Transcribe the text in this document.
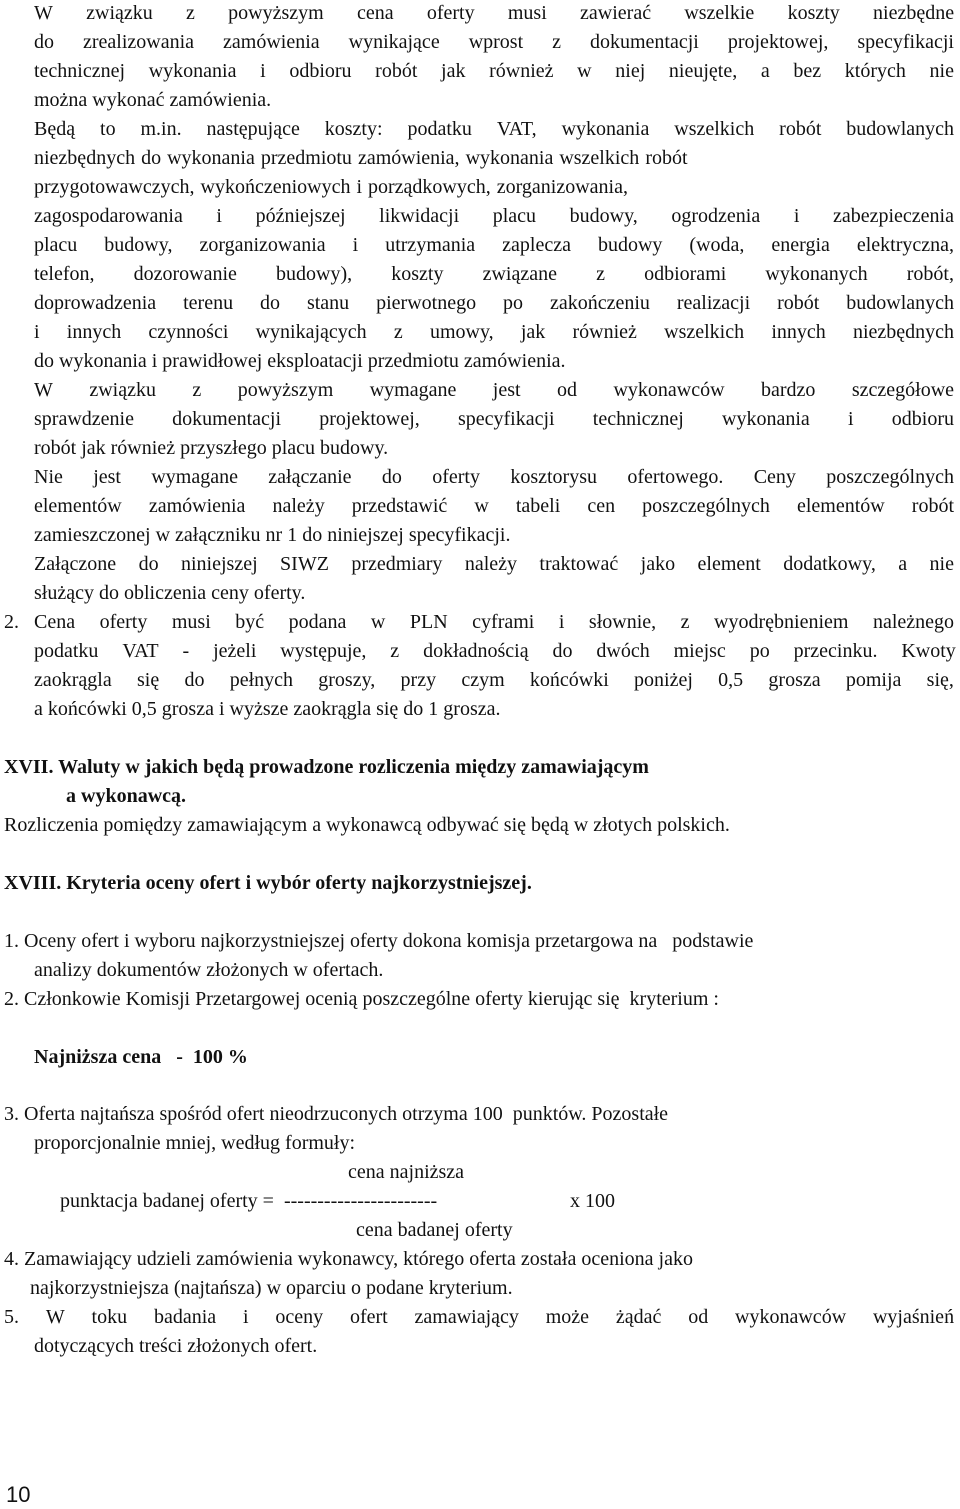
W związku z powyższym cena oferty musi zawierać wszelkie koszty niezbędne
do zrealizowania zamówienia wynikające wprost z dokumentacji projektowej, specyfikacji
technicznej wykonania i odbioru robót jak również w niej nieujęte, a bez których nie
można wykonać zamówienia.
Będą to m.in. następujące koszty: podatku VAT, wykonania wszelkich robót budowlanych
niezbędnych do wykonania przedmiotu zamówienia, wykonania wszelkich robót
przygotowawczych, wykończeniowych i porządkowych, zorganizowania,
zagospodarowania i późniejszej likwidacji placu budowy, ogrodzenia i zabezpieczenia
placu budowy, zorganizowania i utrzymania zaplecza budowy (woda, energia elektryczna,
telefon, dozorowanie budowy), koszty związane z odbiorami wykonanych robót,
doprowadzenia terenu do stanu pierwotnego po zakończeniu realizacji robót budowlanych
i innych czynności wynikających z umowy, jak również wszelkich innych niezbędnych
do wykonania i prawidłowej eksploatacji przedmiotu zamówienia.
W związku z powyższym wymagane jest od wykonawców bardzo szczegółowe
sprawdzenie dokumentacji projektowej, specyfikacji technicznej wykonania i odbioru
robót jak również przyszłego placu budowy.
Nie jest wymagane załączanie do oferty kosztorysu ofertowego. Ceny poszczególnych
elementów zamówienia należy przedstawić w tabeli cen poszczególnych elementów robót
zamieszczonej w załączniku nr 1 do niniejszej specyfikacji.
Załączone do niniejszej SIWZ przedmiary należy traktować jako element dodatkowy, a nie
służący do obliczenia ceny oferty.
2. Cena oferty musi być podana w PLN cyframi i słownie, z wyodrębnieniem należnego
podatku VAT - jeżeli występuje, z dokładnością do dwóch miejsc po przecinku. Kwoty
zaokrągla się do pełnych groszy, przy czym końcówki poniżej 0,5 grosza pomija się,
a końcówki 0,5 grosza i wyższe zaokrągla się do 1 grosza.
XVII. Waluty w jakich będą prowadzone rozliczenia między zamawiającym
a wykonawcą.
Rozliczenia pomiędzy zamawiającym a wykonawcą odbywać się będą w złotych polskich.
XVIII. Kryteria oceny ofert i wybór oferty najkorzystniejszej.
1. Oceny ofert i wyboru najkorzystniejszej oferty dokona komisja przetargowa na   podstawie
analizy dokumentów złożonych w ofertach.
2. Członkowie Komisji Przetargowej ocenią poszczególne oferty kierując się  kryterium :
Najniższa cena   -  100 %
3. Oferta najtańsza spośród ofert nieodrzuconych otrzyma 100  punktów. Pozostałe
proporcjonalnie mniej, według formuły:
cena najniższa
punktacja badanej oferty =  -----------------------	x 100
cena badanej oferty
4. Zamawiający udzieli zamówienia wykonawcy, którego oferta została oceniona jako
najkorzystniejsza (najtańsza) w oparciu o podane kryterium.
5. W toku badania i oceny ofert zamawiający może żądać od wykonawców wyjaśnień
dotyczących treści złożonych ofert.
10
